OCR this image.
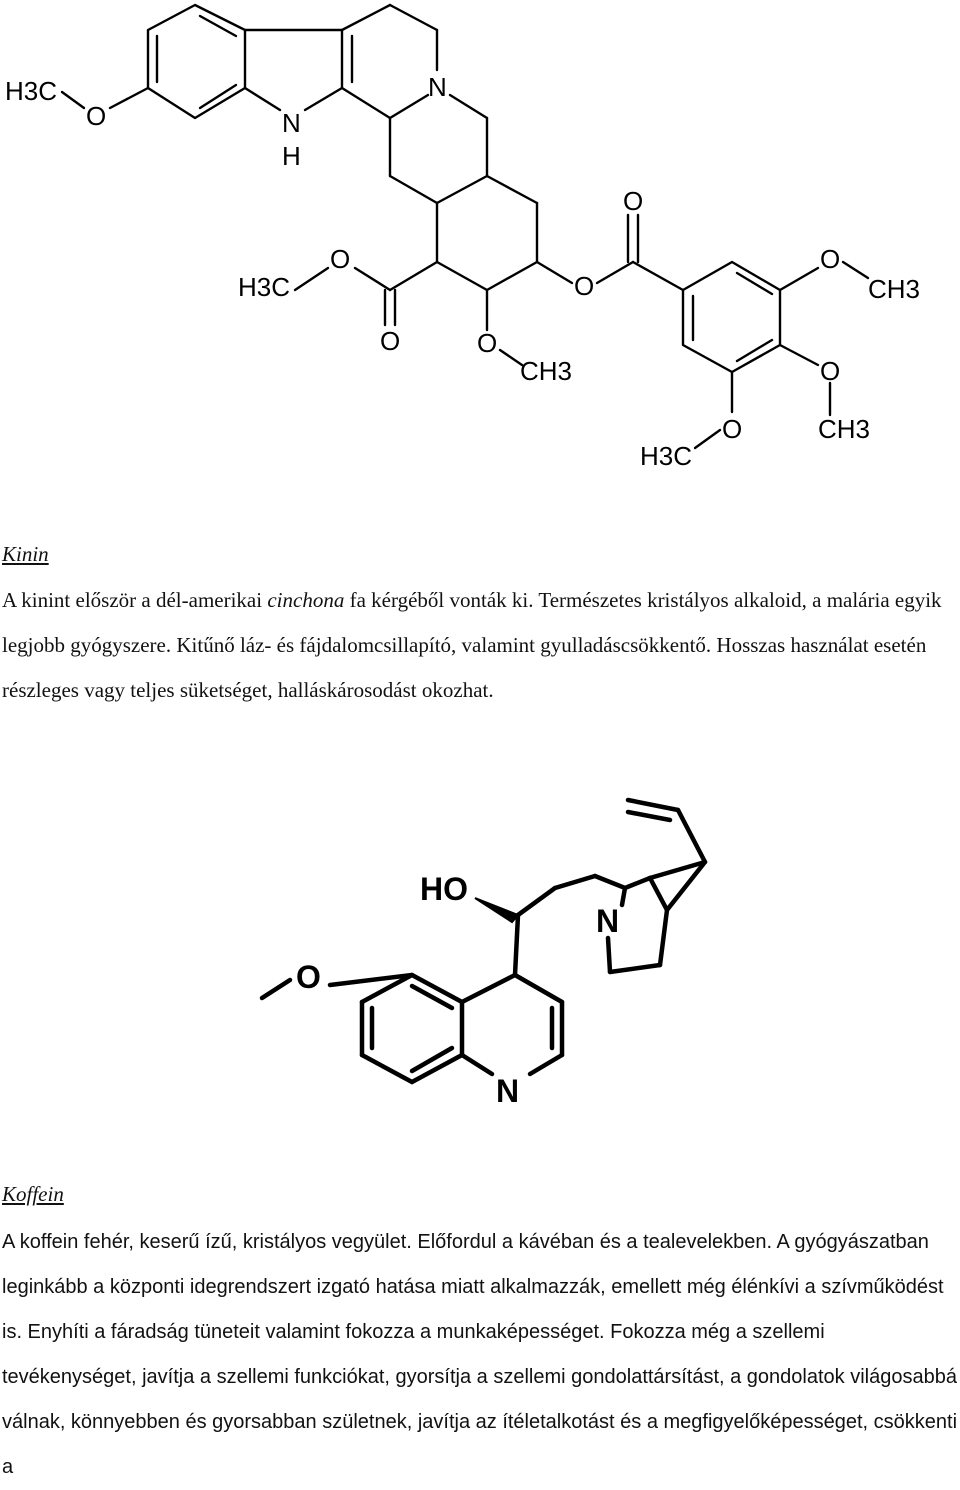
H3C
O
N
N
H
H3C
O
O	O
CH3
O
O
O
CH3
O
CH3
O
H3C

Kinin

A kinint először a dél-amerikai cinchona fa kérgéből vonták ki. Természetes kristályos alkaloid, a malária egyik legjobb gyógyszere. Kitűnő láz- és fájdalomcsillapító, valamint gyulladáscsökkentő. Hosszas használat esetén részleges vagy teljes süketséget, halláskárosodást okozhat.

HO
N
N
O

Koffein

A koffein fehér, keserű ízű, kristályos vegyület. Előfordul a kávéban és a tealevelekben. A gyógyászatban leginkább a központi idegrendszert izgató hatása miatt alkalmazzák, emellett még élénkívi a szívműködést is. Enyhíti a fáradság tüneteit valamint fokozza a munkaképességet. Fokozza még a szellemi tevékenységet, javítja a szellemi funkciókat, gyorsítja a szellemi gondolattársítást, a gondolatok világosabbá válnak, könnyebben és gyorsabban születnek, javítja az ítéletalkotást és a megfigyelőképességet, csökkenti a
